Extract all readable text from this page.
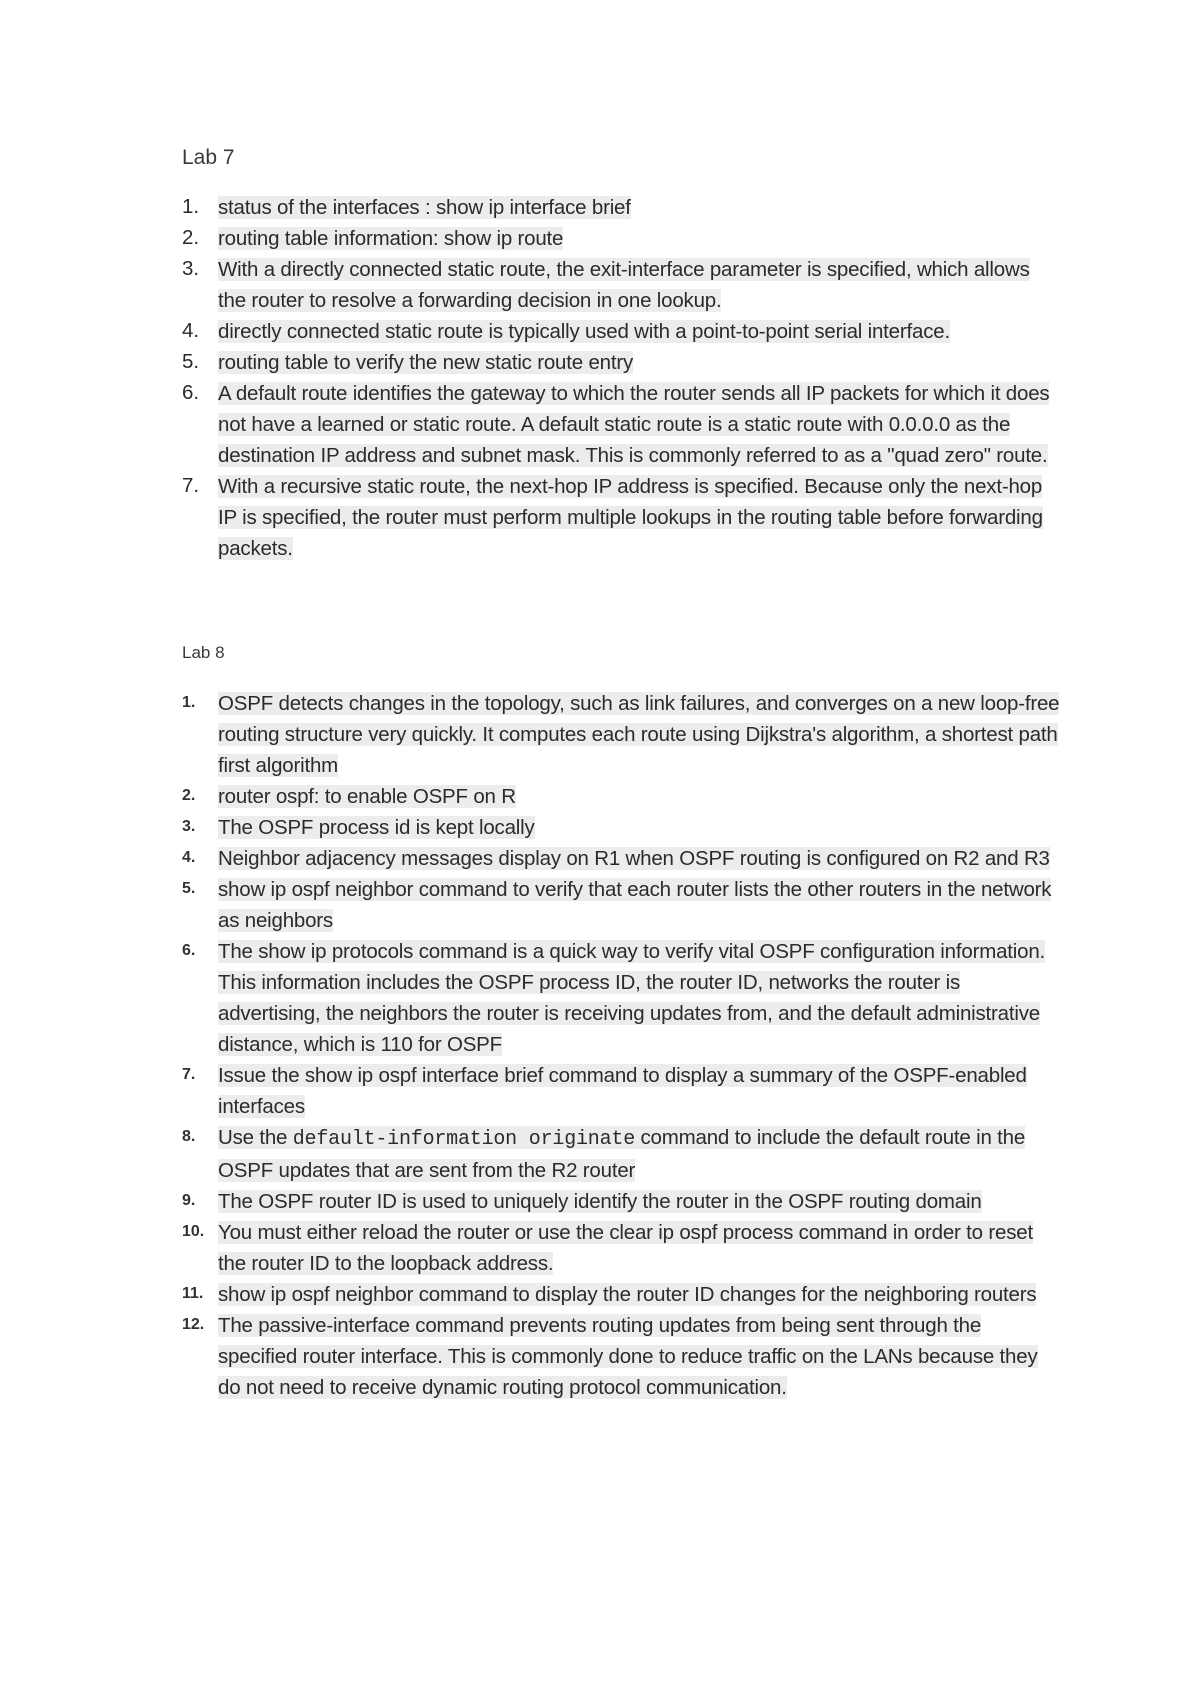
Lab 7
1. status of the interfaces : show ip interface brief
2. routing table information: show ip route
3. With a directly connected static route, the exit-interface parameter is specified, which allows the router to resolve a forwarding decision in one lookup.
4. directly connected static route is typically used with a point-to-point serial interface.
5. routing table to verify the new static route entry
6. A default route identifies the gateway to which the router sends all IP packets for which it does not have a learned or static route. A default static route is a static route with 0.0.0.0 as the destination IP address and subnet mask. This is commonly referred to as a "quad zero" route.
7. With a recursive static route, the next-hop IP address is specified. Because only the next-hop IP is specified, the router must perform multiple lookups in the routing table before forwarding packets.
Lab 8
1.	OSPF detects changes in the topology, such as link failures, and converges on a new loop-free routing structure very quickly. It computes each route using Dijkstra's algorithm, a shortest path first algorithm
2.	router ospf: to enable OSPF on R
3.	The OSPF process id is kept locally
4.	Neighbor adjacency messages display on R1 when OSPF routing is configured on R2 and R3
5.	show ip ospf neighbor command to verify that each router lists the other routers in the network as neighbors
6.	The show ip protocols command is a quick way to verify vital OSPF configuration information. This information includes the OSPF process ID, the router ID, networks the router is advertising, the neighbors the router is receiving updates from, and the default administrative distance, which is 110 for OSPF
7.	Issue the show ip ospf interface brief command to display a summary of the OSPF-enabled interfaces
8.	Use the default-information originate command to include the default route in the OSPF updates that are sent from the R2 router
9.	The OSPF router ID is used to uniquely identify the router in the OSPF routing domain
10. You must either reload the router or use the clear ip ospf process command in order to reset the router ID to the loopback address.
11. show ip ospf neighbor command to display the router ID changes for the neighboring routers
12. The passive-interface command prevents routing updates from being sent through the specified router interface. This is commonly done to reduce traffic on the LANs because they do not need to receive dynamic routing protocol communication.
